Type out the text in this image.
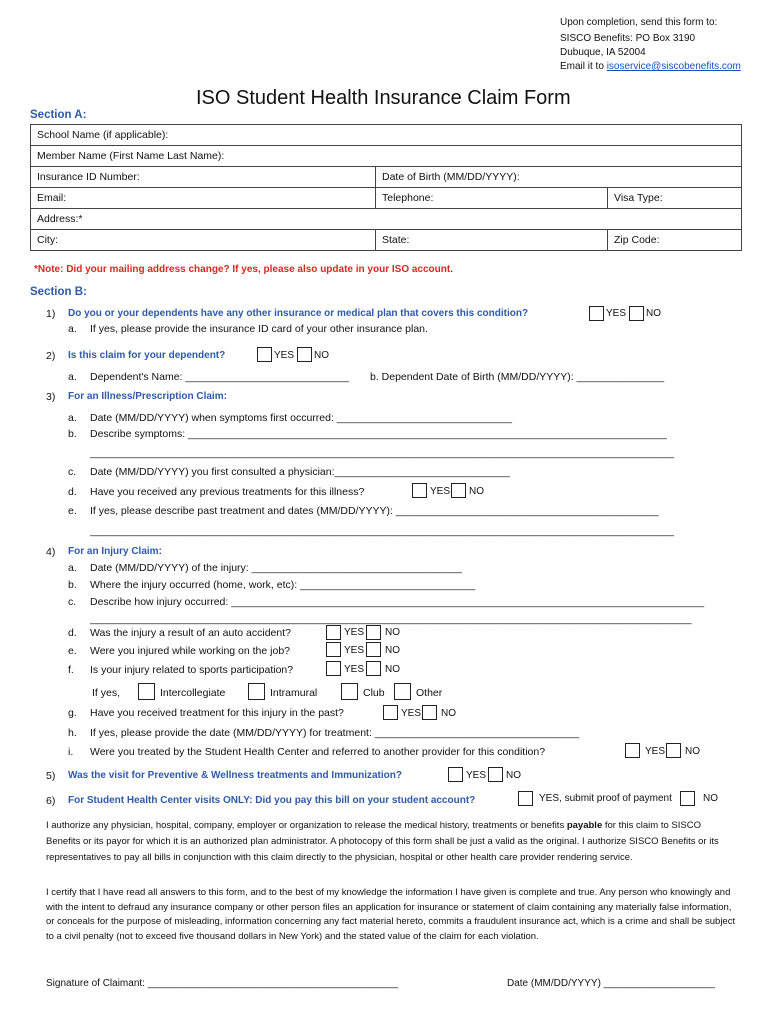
Upon completion, send this form to:
SISCO Benefits: PO Box 3190
Dubuque, IA 52004
Email it to isoservice@siscobenefits.com
ISO Student Health Insurance Claim Form
Section A:
School Name (if applicable):		
Member Name (First Name Last Name):		
Insurance ID Number:	Date of Birth (MM/DD/YYYY):	
Email:	Telephone:	Visa Type:
Address:*		
City:	State:	Zip Code:
*Note: Did your mailing address change? If yes, please also update in your ISO account.
Section B:
1) Do you or your dependents have any other insurance or medical plan that covers this condition?	YES NO
a. If yes, please provide the insurance ID card of your other insurance plan.
2) Is this claim for your dependent?	YES NO
a. Dependent's Name: ____________________________ b. Dependent Date of Birth (MM/DD/YYYY): _______________
3) For an Illness/Prescription Claim:
a. Date (MM/DD/YYYY) when symptoms first occurred: ______________________________
b. Describe symptoms: __________________________________________________________________________________
____________________________________________________________________________________________________
c. Date (MM/DD/YYYY) you first consulted a physician:______________________________
d. Have you received any previous treatments for this illness?	YES NO
e. If yes, please describe past treatment and dates (MM/DD/YYYY): _____________________________________________
____________________________________________________________________________________________________
4) For an Injury Claim:
a. Date (MM/DD/YYYY) of the injury: ____________________________________
b. Where the injury occurred (home, work, etc): ______________________________
c. Describe how injury occurred: _________________________________________________________________________________
_______________________________________________________________________________________________________
d. Was the injury a result of an auto accident?	YES NO
e. Were you injured while working on the job?	YES NO
f. Is your injury related to sports participation?	YES NO
If yes,	Intercollegiate	Intramural	Club	Other
g. Have you received treatment for this injury in the past?	YES NO
h. If yes, please provide the date (MM/DD/YYYY) for treatment: ___________________________________
i. Were you treated by the Student Health Center and referred to another provider for this condition?	YES NO
5) Was the visit for Preventive & Wellness treatments and Immunization?	YES NO
6) For Student Health Center visits ONLY: Did you pay this bill on your student account?	YES, submit proof of payment	NO
I authorize any physician, hospital, company, employer or organization to release the medical history, treatments or benefits payable for this claim to SISCO Benefits or its payor for which it is an authorized plan administrator. A photocopy of this form shall be just a valid as the original. I authorize SISCO Benefits or its representatives to pay all bills in conjunction with this claim directly to the physician, hospital or other health care provider rendering service.
I certify that I have read all answers to this form, and to the best of my knowledge the information I have given is complete and true. Any person who knowingly and with the intent to defraud any insurance company or other person files an application for insurance or statement of claim containing any materially false information, or conceals for the purpose of misleading, information concerning any fact material hereto, commits a fraudulent insurance act, which is a crime and shall be subject to a civil penalty (not to exceed five thousand dollars in New York) and the stated value of the claim for each violation.
Signature of Claimant: _____________________________________________	Date (MM/DD/YYYY) ____________________
